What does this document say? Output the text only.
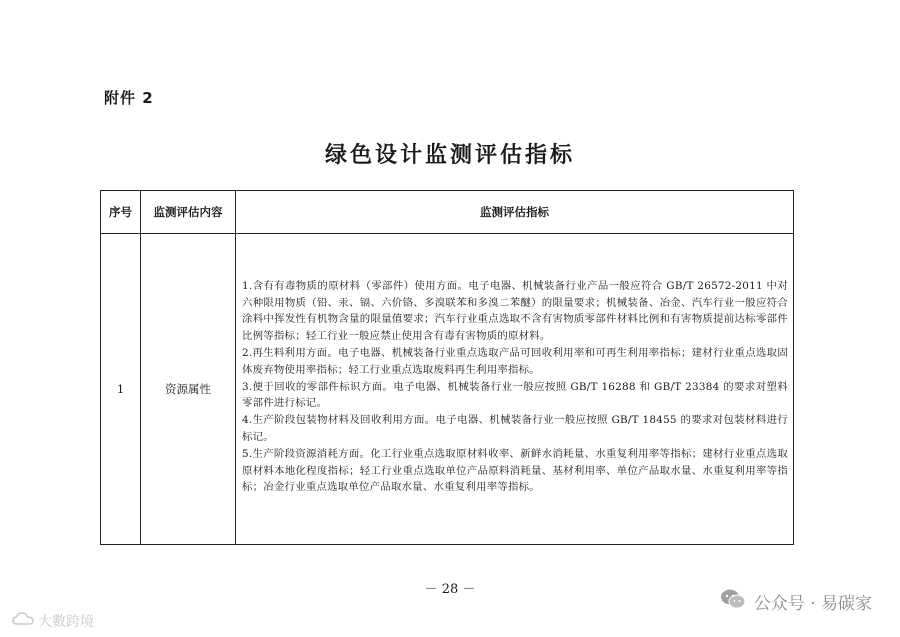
附件 2
绿色设计监测评估指标
序号	监测评估内容	监测评估指标
1	资源属性	1.含有有毒物质的原材料（零部件）使用方面。电子电器、机械装备行业产品一般应符合 GB/T 26572-2011 中对六种限用物质（铅、汞、镉、六价铬、多溴联苯和多溴二苯醚）的限量要求；机械装备、冶金、汽车行业一般应符合涂料中挥发性有机物含量的限量值要求；汽车行业重点选取不含有害物质零部件材料比例和有害物质提前达标零部件比例等指标；轻工行业一般应禁止使用含有毒有害物质的原材料。
2.再生料利用方面。电子电器、机械装备行业重点选取产品可回收利用率和可再生利用率指标；建材行业重点选取固体废弃物使用率指标；轻工行业重点选取废料再生利用率指标。
3.便于回收的零部件标识方面。电子电器、机械装备行业一般应按照 GB/T 16288 和 GB/T 23384 的要求对塑料零部件进行标记。
4.生产阶段包装物材料及回收利用方面。电子电器、机械装备行业一般应按照 GB/T 18455 的要求对包装材料进行标记。
5.生产阶段资源消耗方面。化工行业重点选取原材料收率、新鲜水消耗量、水重复利用率等指标；建材行业重点选取原材料本地化程度指标；轻工行业重点选取单位产品原料消耗量、基材利用率、单位产品取水量、水重复利用率等指标；冶金行业重点选取单位产品取水量、水重复利用率等指标。
－ 28 －
大數跨境
公众号 · 易碳家
